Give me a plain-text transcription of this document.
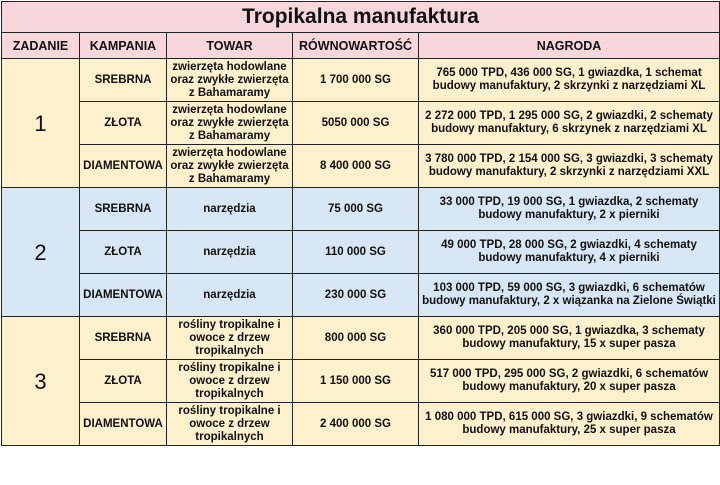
Tropikalna manufaktura				
ZADANIE	KAMPANIA	TOWAR	RÓWNOWARTOŚĆ	NAGRODA
1	SREBRNA	zwierzęta hodowlane oraz zwykłe zwierzęta z Bahamaramy	1 700 000 SG	765 000 TPD, 436 000 SG, 1 gwiazdka, 1 schemat budowy manufaktury, 2 skrzynki z narzędziami XL
	ZŁOTA	zwierzęta hodowlane oraz zwykłe zwierzęta z Bahamaramy	5050 000 SG	2 272 000 TPD, 1 295 000 SG, 2 gwiazdki, 2 schematy budowy manufaktury, 6 skrzynek z narzędziami XL
	DIAMENTOWA	zwierzęta hodowlane oraz zwykłe zwierzęta z Bahamaramy	8 400 000 SG	3 780 000 TPD, 2 154 000 SG, 3 gwiazdki, 3 schematy budowy manufaktury, 2 skrzynki z narzędziami XXL
2	SREBRNA	narzędzia	75 000 SG	33 000 TPD, 19 000 SG, 1 gwiazdka, 2 schematy budowy manufaktury, 2 x pierniki
	ZŁOTA	narzędzia	110 000 SG	49 000 TPD, 28 000 SG, 2 gwiazdki, 4 schematy budowy manufaktury, 4 x pierniki
	DIAMENTOWA	narzędzia	230 000 SG	103 000 TPD, 59 000 SG, 3 gwiazdki, 6 schematów budowy manufaktury, 2 x wiązanka na Zielone Świątki
3	SREBRNA	rośliny tropikalne i owoce z drzew tropikalnych	800 000 SG	360 000 TPD, 205 000 SG, 1 gwiazdka, 3 schematy budowy manufaktury, 15 x super pasza
	ZŁOTA	rośliny tropikalne i owoce z drzew tropikalnych	1 150 000 SG	517 000 TPD, 295 000 SG, 2 gwiazdki, 6 schematów budowy manufaktury, 20 x super pasza
	DIAMENTOWA	rośliny tropikalne i owoce z drzew tropikalnych	2 400 000 SG	1 080 000 TPD, 615 000 SG, 3 gwiazdki, 9 schematów budowy manufaktury, 25 x super pasza
